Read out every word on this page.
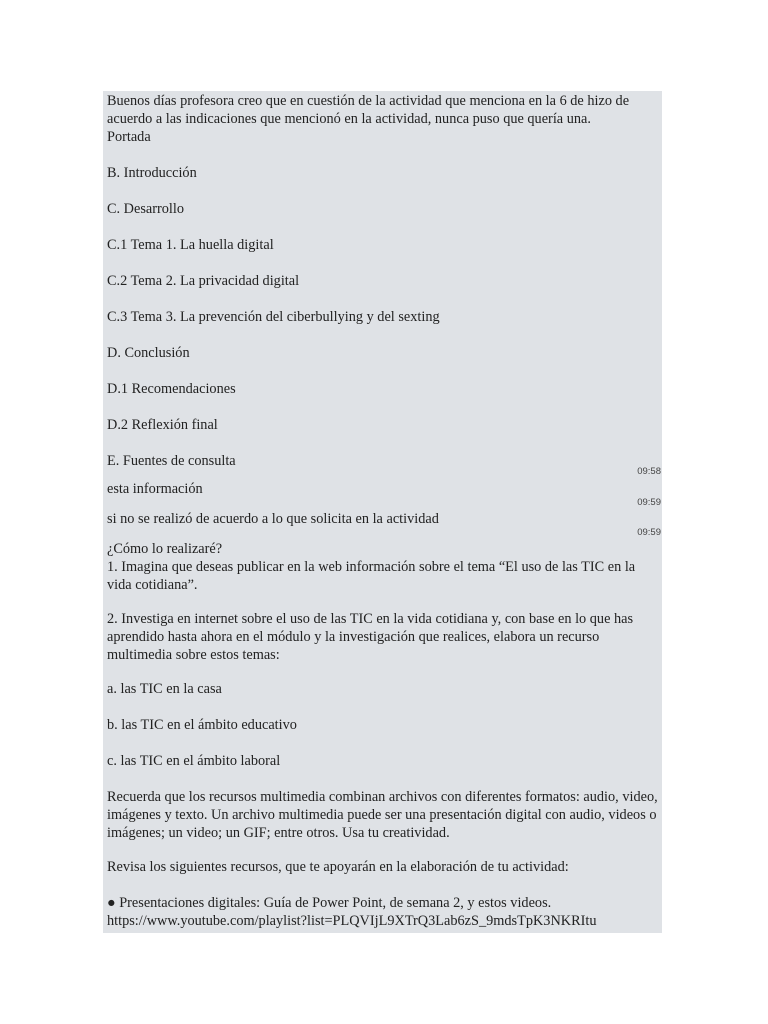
Buenos días profesora creo que en cuestión de la actividad que menciona en la 6 de hizo de acuerdo a las indicaciones que mencionó en la actividad, nunca puso que quería una.

Portada

B. Introducción

C. Desarrollo

C.1 Tema 1. La huella digital

C.2 Tema 2. La privacidad digital

C.3 Tema 3. La prevención del ciberbullying y del sexting

D. Conclusión

D.1 Recomendaciones

D.2 Reflexión final

E. Fuentes de consulta

09:58

esta información

09:59

si no se realizó de acuerdo a lo que solicita en la actividad

09:59

¿Cómo lo realizaré?

1. Imagina que deseas publicar en la web información sobre el tema “El uso de las TIC en la vida cotidiana”.

2. Investiga en internet sobre el uso de las TIC en la vida cotidiana y, con base en lo que has aprendido hasta ahora en el módulo y la investigación que realices, elabora un recurso multimedia sobre estos temas:

a. las TIC en la casa

b. las TIC en el ámbito educativo

c. las TIC en el ámbito laboral

Recuerda que los recursos multimedia combinan archivos con diferentes formatos: audio, video, imágenes y texto. Un archivo multimedia puede ser una presentación digital con audio, videos o imágenes; un video; un GIF; entre otros. Usa tu creatividad.

Revisa los siguientes recursos, que te apoyarán en la elaboración de tu actividad:

● Presentaciones digitales: Guía de Power Point, de semana 2, y estos videos.

https://www.youtube.com/playlist?list=PLQVIjL9XTrQ3Lab6zS_9mdsTpK3NKRItu
